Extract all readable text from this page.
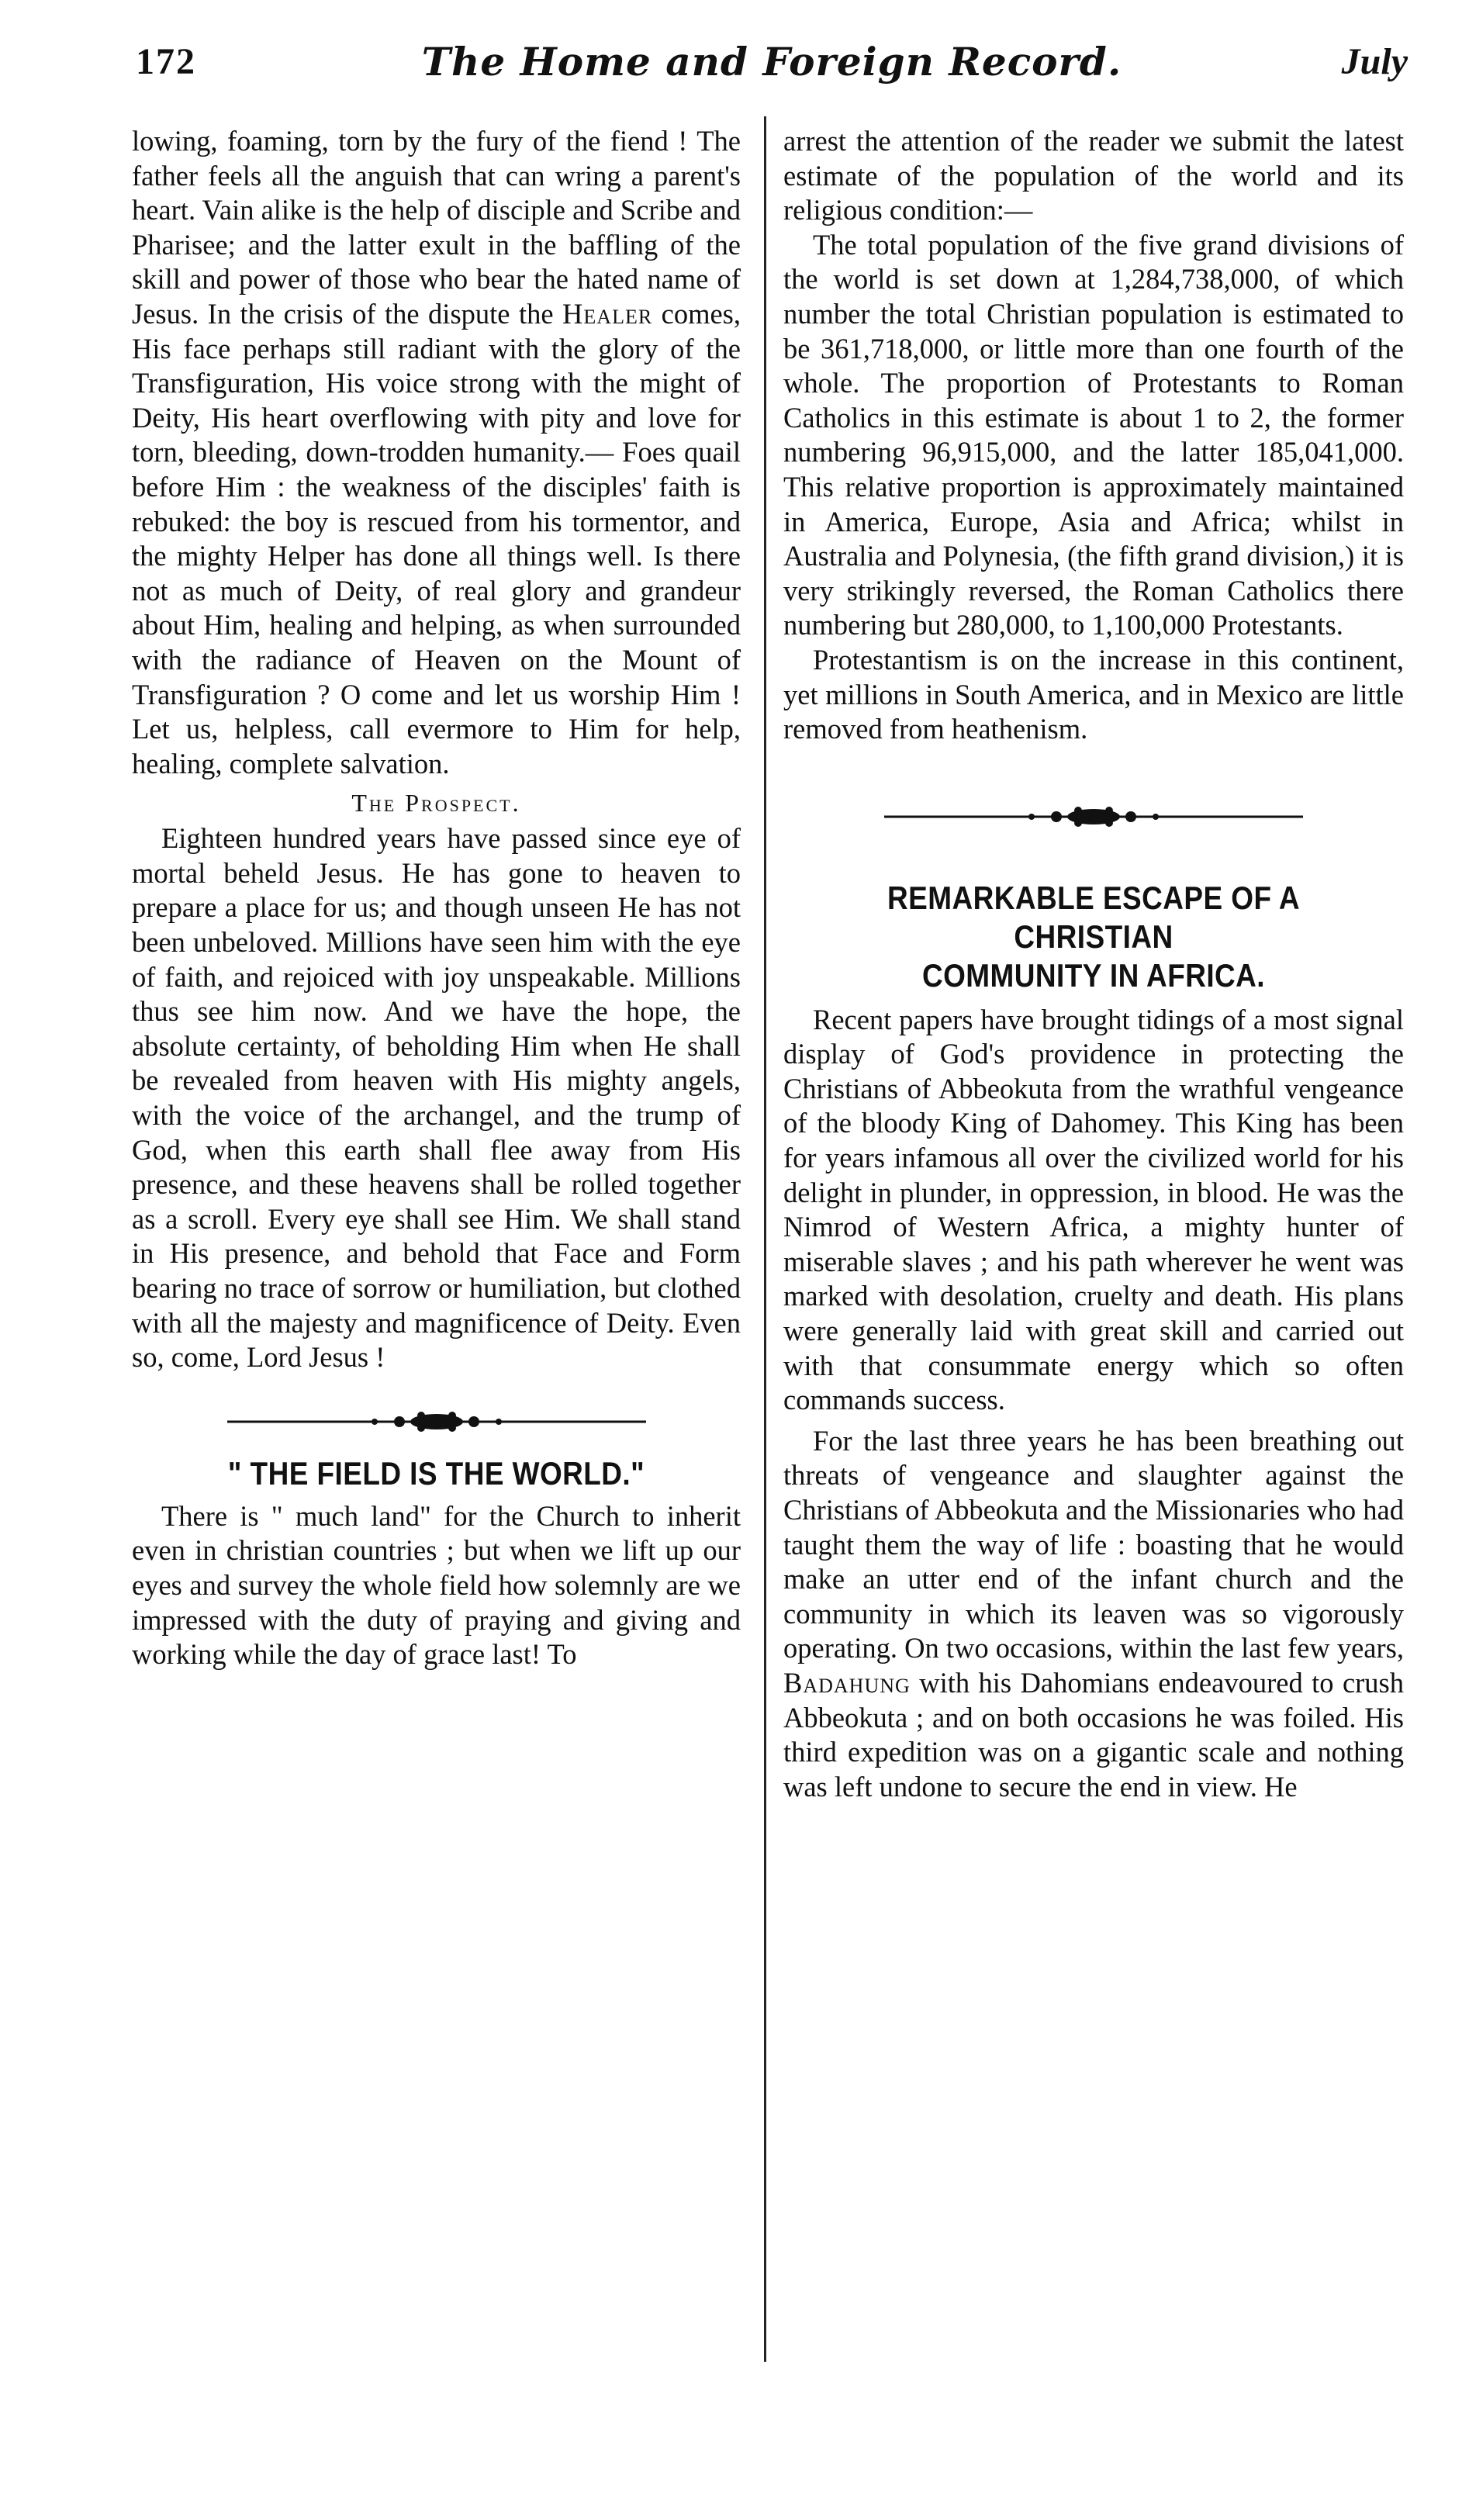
172	The Home and Foreign Record.	July

lowing, foaming, torn by the fury of the fiend ! The father feels all the anguish that can wring a parent's heart. Vain alike is the help of disciple and Scribe and Pharisee; and the latter exult in the baffling of the skill and power of those who bear the hated name of Jesus. In the crisis of the dispute the Healer comes, His face perhaps still radiant with the glory of the Transfiguration, His voice strong with the might of Deity, His heart overflowing with pity and love for torn, bleeding, down-trodden humanity.— Foes quail before Him : the weakness of the disciples' faith is rebuked: the boy is rescued from his tormentor, and the mighty Helper has done all things well. Is there not as much of Deity, of real glory and grandeur about Him, healing and helping, as when surrounded with the radiance of Heaven on the Mount of Transfiguration ? O come and let us worship Him ! Let us, helpless, call evermore to Him for help, healing, complete salvation.

The Prospect.

Eighteen hundred years have passed since eye of mortal beheld Jesus. He has gone to heaven to prepare a place for us; and though unseen He has not been unbeloved. Millions have seen him with the eye of faith, and rejoiced with joy unspeakable. Millions thus see him now. And we have the hope, the absolute certainty, of beholding Him when He shall be revealed from heaven with His mighty angels, with the voice of the archangel, and the trump of God, when this earth shall flee away from His presence, and these heavens shall be rolled together as a scroll. Every eye shall see Him. We shall stand in His presence, and behold that Face and Form bearing no trace of sorrow or humiliation, but clothed with all the majesty and magnificence of Deity. Even so, come, Lord Jesus !

" THE FIELD IS THE WORLD."

There is " much land" for the Church to inherit even in christian countries ; but when we lift up our eyes and survey the whole field how solemnly are we impressed with the duty of praying and giving and working while the day of grace last! To

arrest the attention of the reader we submit the latest estimate of the population of the world and its religious condition:—

The total population of the five grand divisions of the world is set down at 1,284,738,000, of which number the total Christian population is estimated to be 361,718,000, or little more than one fourth of the whole. The proportion of Protestants to Roman Catholics in this estimate is about 1 to 2, the former numbering 96,915,000, and the latter 185,041,000. This relative proportion is approximately maintained in America, Europe, Asia and Africa; whilst in Australia and Polynesia, (the fifth grand division,) it is very strikingly reversed, the Roman Catholics there numbering but 280,000, to 1,100,000 Protestants.

Protestantism is on the increase in this continent, yet millions in South America, and in Mexico are little removed from heathenism.

REMARKABLE ESCAPE OF A CHRISTIAN
COMMUNITY IN AFRICA.

Recent papers have brought tidings of a most signal display of God's providence in protecting the Christians of Abbeokuta from the wrathful vengeance of the bloody King of Dahomey. This King has been for years infamous all over the civilized world for his delight in plunder, in oppression, in blood. He was the Nimrod of Western Africa, a mighty hunter of miserable slaves ; and his path wherever he went was marked with desolation, cruelty and death. His plans were generally laid with great skill and carried out with that consummate energy which so often commands success.

For the last three years he has been breathing out threats of vengeance and slaughter against the Christians of Abbeokuta and the Missionaries who had taught them the way of life : boasting that he would make an utter end of the infant church and the community in which its leaven was so vigorously operating. On two occasions, within the last few years, Badahung with his Dahomians endeavoured to crush Abbeokuta ; and on both occasions he was foiled. His third expedition was on a gigantic scale and nothing was left undone to secure the end in view. He
